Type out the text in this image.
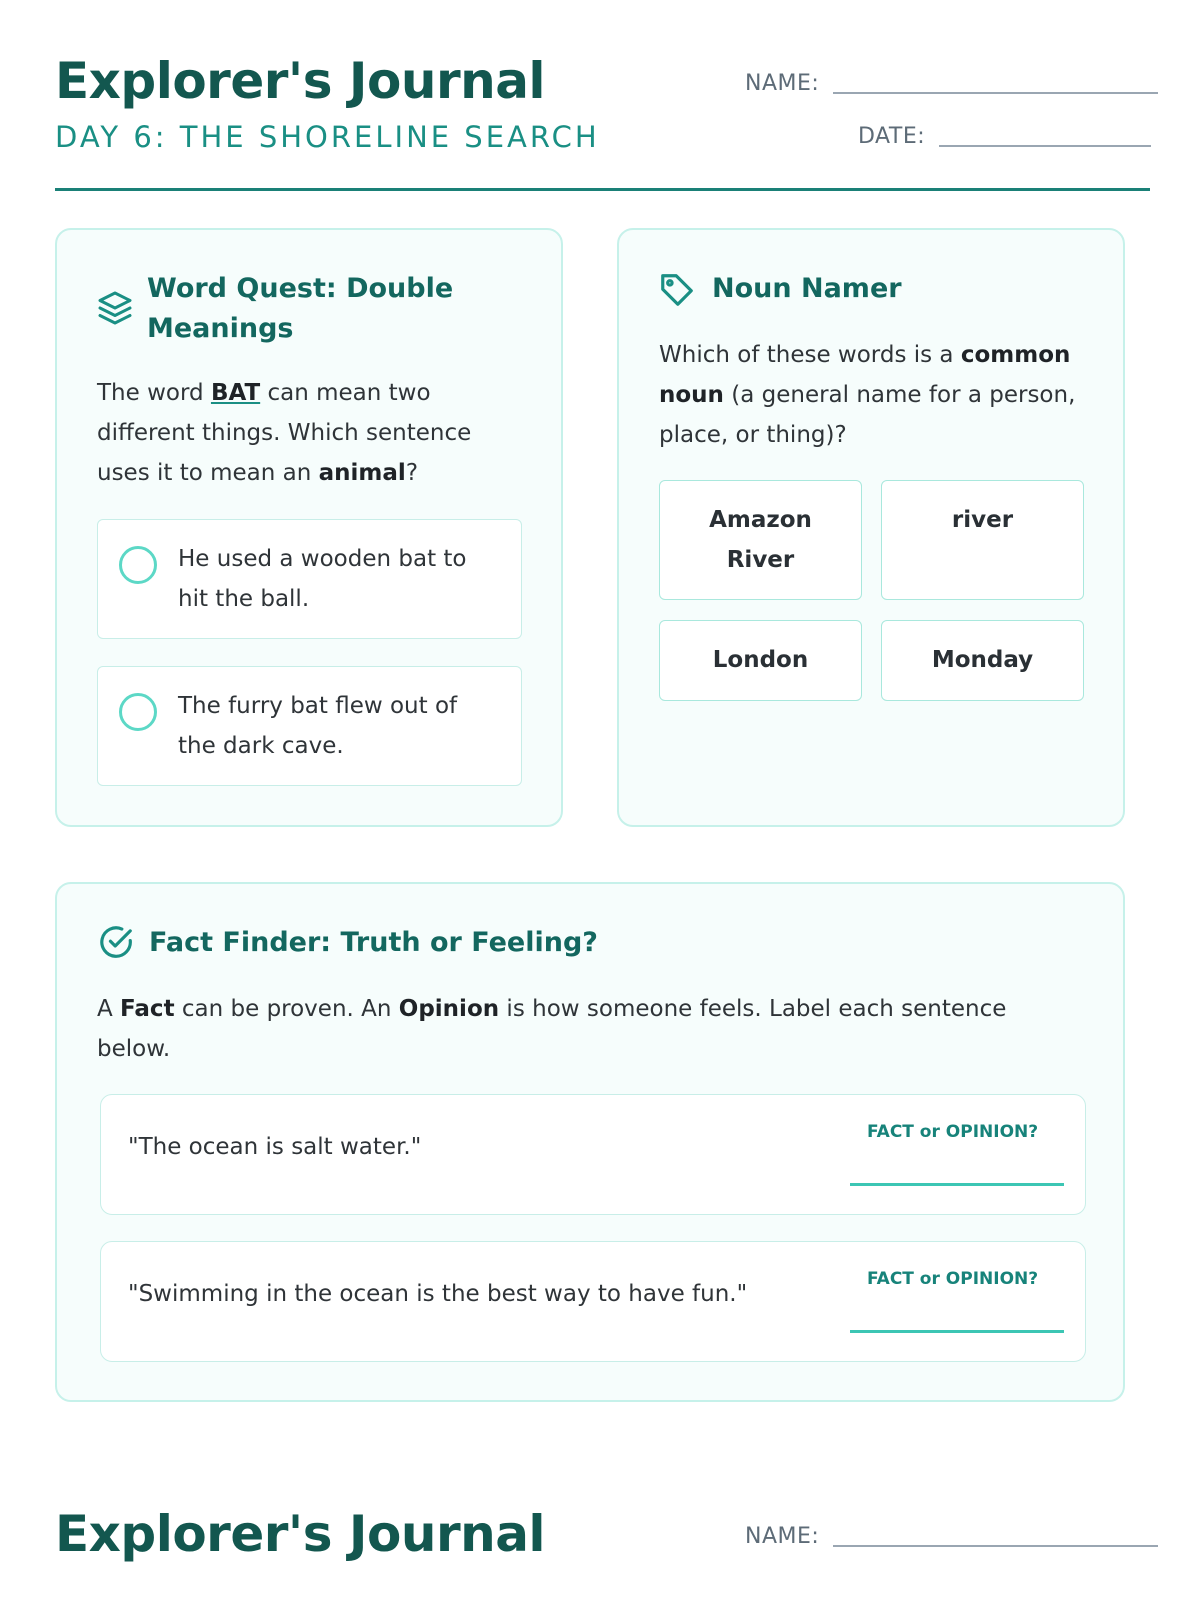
Explorer's Journal
DAY 6: THE SHORELINE SEARCH
NAME:
DATE:
Word Quest: Double
Meanings
The word BAT can mean two different things. Which sentence uses it to mean an animal?
He used a wooden bat to hit the ball.
The furry bat flew out of the dark cave.
Noun Namer
Which of these words is a common noun (a general name for a person, place, or thing)?
Amazon
River
river
London	Monday
Fact Finder: Truth or Feeling?
A Fact can be proven. An Opinion is how someone feels. Label each sentence below.
"The ocean is salt water."
FACT or OPINION?
"Swimming in the ocean is the best way to have fun."
FACT or OPINION?
Explorer's Journal	NAME:
